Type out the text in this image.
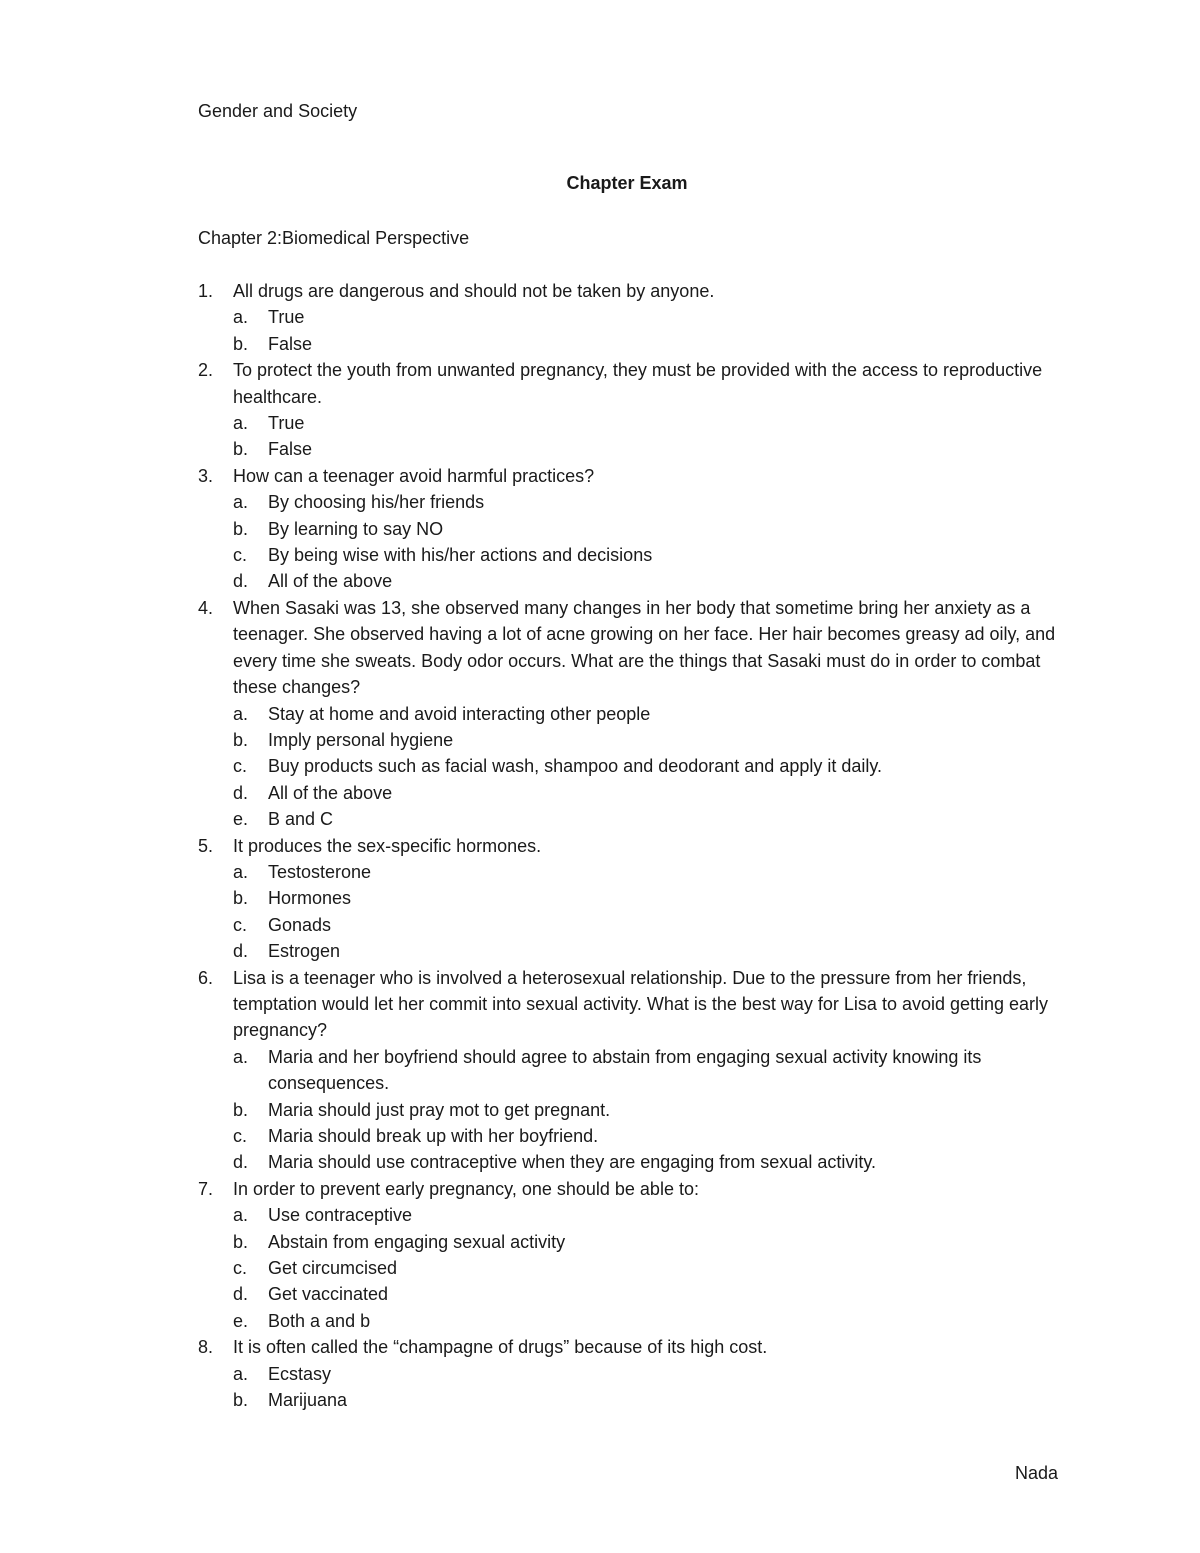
Gender and Society
Chapter Exam
Chapter 2:Biomedical Perspective
1. All drugs are dangerous and should not be taken by anyone.
a. True
b. False
2. To protect the youth from unwanted pregnancy, they must be provided with the access to reproductive healthcare.
a. True
b. False
3. How can a teenager avoid harmful practices?
a. By choosing his/her friends
b. By learning to say NO
c. By being wise with his/her actions and decisions
d. All of the above
4. When Sasaki was 13, she observed many changes in her body that sometime bring her anxiety as a teenager. She observed having a lot of acne growing on her face. Her hair becomes greasy ad oily, and every time she sweats. Body odor occurs. What are the things that Sasaki must do in order to combat these changes?
a. Stay at home and avoid interacting other people
b. Imply personal hygiene
c. Buy products such as facial wash, shampoo and deodorant and apply it daily.
d. All of the above
e. B and C
5. It produces the sex-specific hormones.
a. Testosterone
b. Hormones
c. Gonads
d. Estrogen
6. Lisa is a teenager who is involved a heterosexual relationship. Due to the pressure from her friends, temptation would let her commit into sexual activity. What is the best way for Lisa to avoid getting early pregnancy?
a. Maria and her boyfriend should agree to abstain from engaging sexual activity knowing its consequences.
b. Maria should just pray mot to get pregnant.
c. Maria should break up with her boyfriend.
d. Maria should use contraceptive when they are engaging from sexual activity.
7. In order to prevent early pregnancy, one should be able to:
a. Use contraceptive
b. Abstain from engaging sexual activity
c. Get circumcised
d. Get vaccinated
e. Both a and b
8. It is often called the “champagne of drugs” because of its high cost.
a. Ecstasy
b. Marijuana
Nada
